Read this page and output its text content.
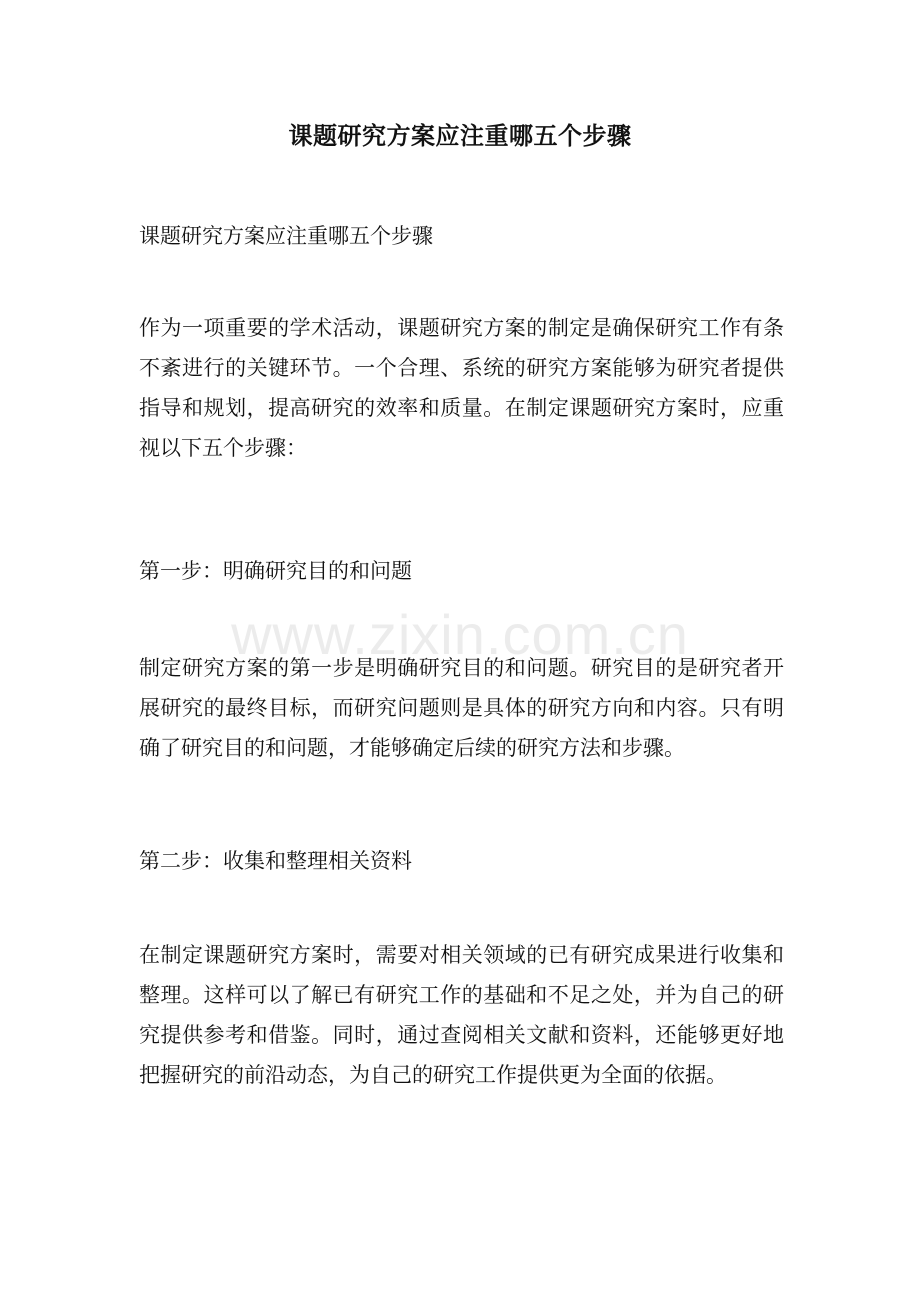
课题研究方案应注重哪五个步骤
课题研究方案应注重哪五个步骤
作为一项重要的学术活动，课题研究方案的制定是确保研究工作有条不紊进行的关键环节。一个合理、系统的研究方案能够为研究者提供指导和规划，提高研究的效率和质量。在制定课题研究方案时，应重视以下五个步骤：
第一步：明确研究目的和问题
www.zixin.com.cn
制定研究方案的第一步是明确研究目的和问题。研究目的是研究者开展研究的最终目标，而研究问题则是具体的研究方向和内容。只有明确了研究目的和问题，才能够确定后续的研究方法和步骤。
第二步：收集和整理相关资料
在制定课题研究方案时，需要对相关领域的已有研究成果进行收集和整理。这样可以了解已有研究工作的基础和不足之处，并为自己的研究提供参考和借鉴。同时，通过查阅相关文献和资料，还能够更好地把握研究的前沿动态，为自己的研究工作提供更为全面的依据。
